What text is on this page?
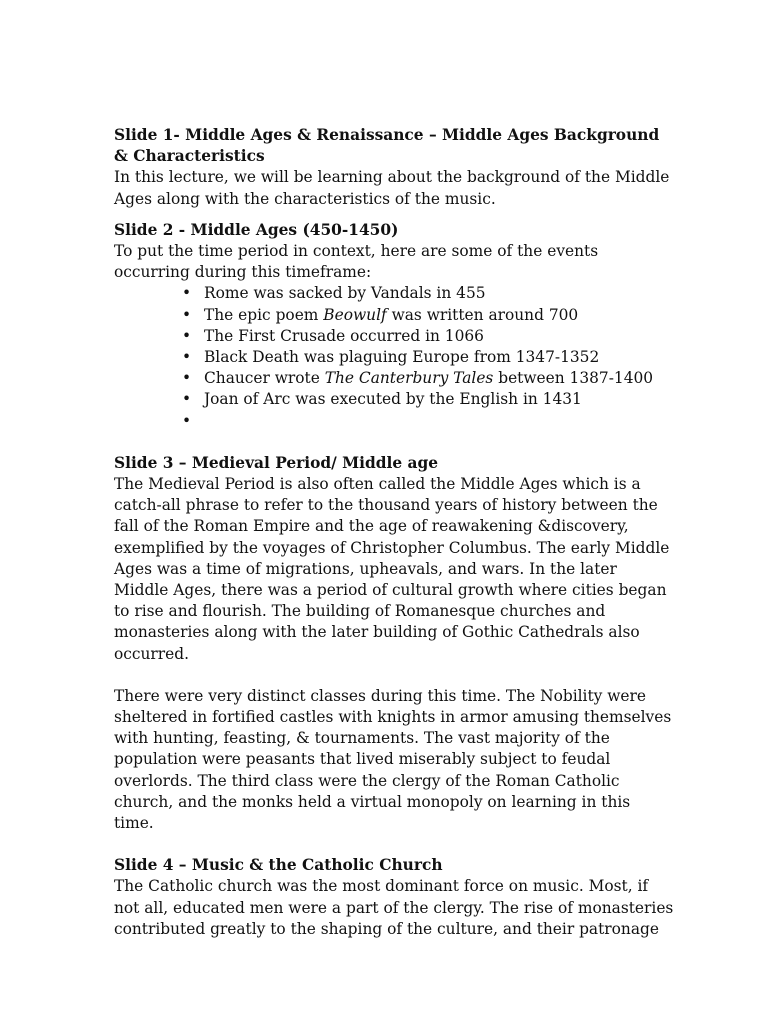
Slide 1- Middle Ages & Renaissance – Middle Ages Background & Characteristics

In this lecture, we will be learning about the background of the Middle Ages along with the characteristics of the music.

Slide 2 - Middle Ages (450-1450)

To put the time period in context, here are some of the events occurring during this timeframe:

• Rome was sacked by Vandals in 455
• The epic poem Beowulf was written around 700
• The First Crusade occurred in 1066
• Black Death was plaguing Europe from 1347-1352
• Chaucer wrote The Canterbury Tales between 1387-1400
• Joan of Arc was executed by the English in 1431
•

Slide 3 – Medieval Period/ Middle age

The Medieval Period is also often called the Middle Ages which is a catch-all phrase to refer to the thousand years of history between the fall of the Roman Empire and the age of reawakening &discovery, exemplified by the voyages of Christopher Columbus. The early Middle Ages was a time of migrations, upheavals, and wars. In the later Middle Ages, there was a period of cultural growth where cities began to rise and flourish. The building of Romanesque churches and monasteries along with the later building of Gothic Cathedrals also occurred.

There were very distinct classes during this time. The Nobility were sheltered in fortified castles with knights in armor amusing themselves with hunting, feasting, & tournaments. The vast majority of the population were peasants that lived miserably subject to feudal overlords. The third class were the clergy of the Roman Catholic church, and the monks held a virtual monopoly on learning in this time.

Slide 4 – Music & the Catholic Church

The Catholic church was the most dominant force on music. Most, if not all, educated men were a part of the clergy. The rise of monasteries contributed greatly to the shaping of the culture, and their patronage
